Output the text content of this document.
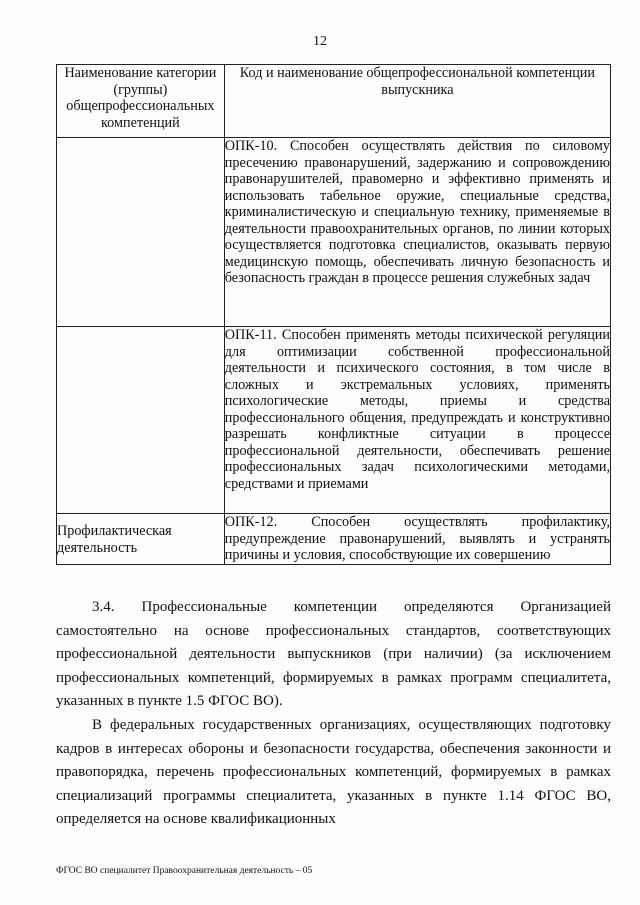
12
Наименование категории (группы) общепрофессиональных компетенций	Код и наименование общепрофессиональной компетенции выпускника
	ОПК-10. Способен осуществлять действия по силовому пресечению правонарушений, задержанию и сопровождению правонарушителей, правомерно и эффективно применять и использовать табельное оружие, специальные средства, криминалистическую и специальную технику, применяемые в деятельности правоохранительных органов, по линии которых осуществляется подготовка специалистов, оказывать первую медицинскую помощь, обеспечивать личную безопасность и безопасность граждан в процессе решения служебных задач
	ОПК-11. Способен применять методы психической регуляции для оптимизации собственной профессиональной деятельности и психического состояния, в том числе в сложных и экстремальных условиях, применять психологические методы, приемы и средства профессионального общения, предупреждать и конструктивно разрешать конфликтные ситуации в процессе профессиональной деятельности, обеспечивать решение профессиональных задач психологическими методами, средствами и приемами
Профилактическая деятельность	ОПК-12. Способен осуществлять профилактику, предупреждение правонарушений, выявлять и устранять причины и условия, способствующие их совершению

3.4. Профессиональные компетенции определяются Организацией самостоятельно на основе профессиональных стандартов, соответствующих профессиональной деятельности выпускников (при наличии) (за исключением профессиональных компетенций, формируемых в рамках программ специалитета, указанных в пункте 1.5 ФГОС ВО).

В федеральных государственных организациях, осуществляющих подготовку кадров в интересах обороны и безопасности государства, обеспечения законности и правопорядка, перечень профессиональных компетенций, формируемых в рамках специализаций программы специалитета, указанных в пункте 1.14 ФГОС ВО, определяется на основе квалификационных

ФГОС ВО специалитет Правоохранительная деятельность – 05
